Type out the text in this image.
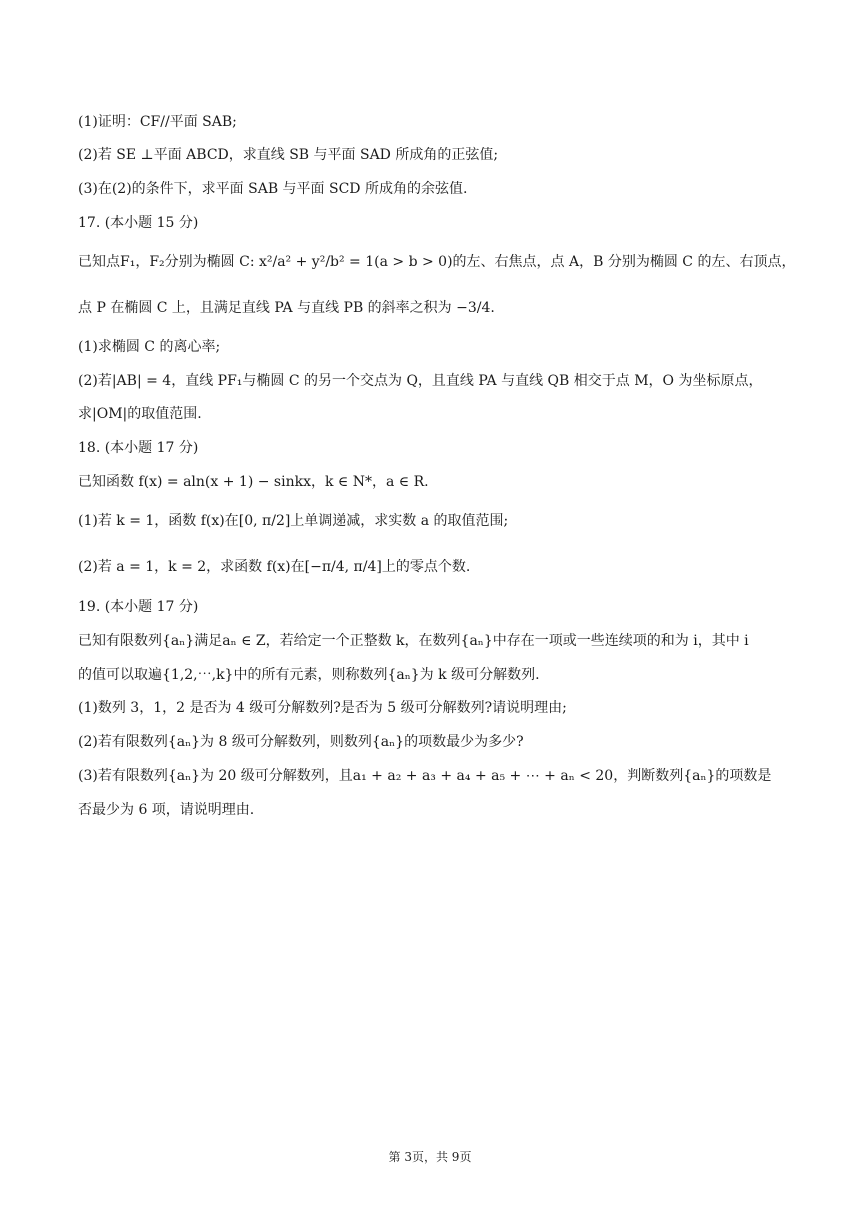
(1)证明：CF//平面 SAB;
(2)若 SE ⊥平面 ABCD，求直线 SB 与平面 SAD 所成角的正弦值;
(3)在(2)的条件下，求平面 SAB 与平面 SCD 所成角的余弦值.
17. (本小题 15 分)
已知点F₁，F₂分别为椭圆 C: x²/a² + y²/b² = 1(a > b > 0)的左、右焦点，点 A，B 分别为椭圆 C 的左、右顶点，
点 P 在椭圆 C 上，且满足直线 PA 与直线 PB 的斜率之积为 −3/4.
(1)求椭圆 C 的离心率;
(2)若|AB| = 4，直线 PF₁与椭圆 C 的另一个交点为 Q，且直线 PA 与直线 QB 相交于点 M，O 为坐标原点，
求|OM|的取值范围.
18. (本小题 17 分)
已知函数 f(x) = aln(x + 1) − sinkx，k ∈ N*，a ∈ R.
(1)若 k = 1，函数 f(x)在[0, π/2]上单调递减，求实数 a 的取值范围;
(2)若 a = 1，k = 2，求函数 f(x)在[−π/4, π/4]上的零点个数.
19. (本小题 17 分)
已知有限数列{aₙ}满足aₙ ∈ Z，若给定一个正整数 k，在数列{aₙ}中存在一项或一些连续项的和为 i，其中 i
的值可以取遍{1,2,⋯,k}中的所有元素，则称数列{aₙ}为 k 级可分解数列.
(1)数列 3，1，2 是否为 4 级可分解数列?是否为 5 级可分解数列?请说明理由;
(2)若有限数列{aₙ}为 8 级可分解数列，则数列{aₙ}的项数最少为多少?
(3)若有限数列{aₙ}为 20 级可分解数列，且a₁ + a₂ + a₃ + a₄ + a₅ + ⋯ + aₙ < 20，判断数列{aₙ}的项数是
否最少为 6 项，请说明理由.
第 3页，共 9页
